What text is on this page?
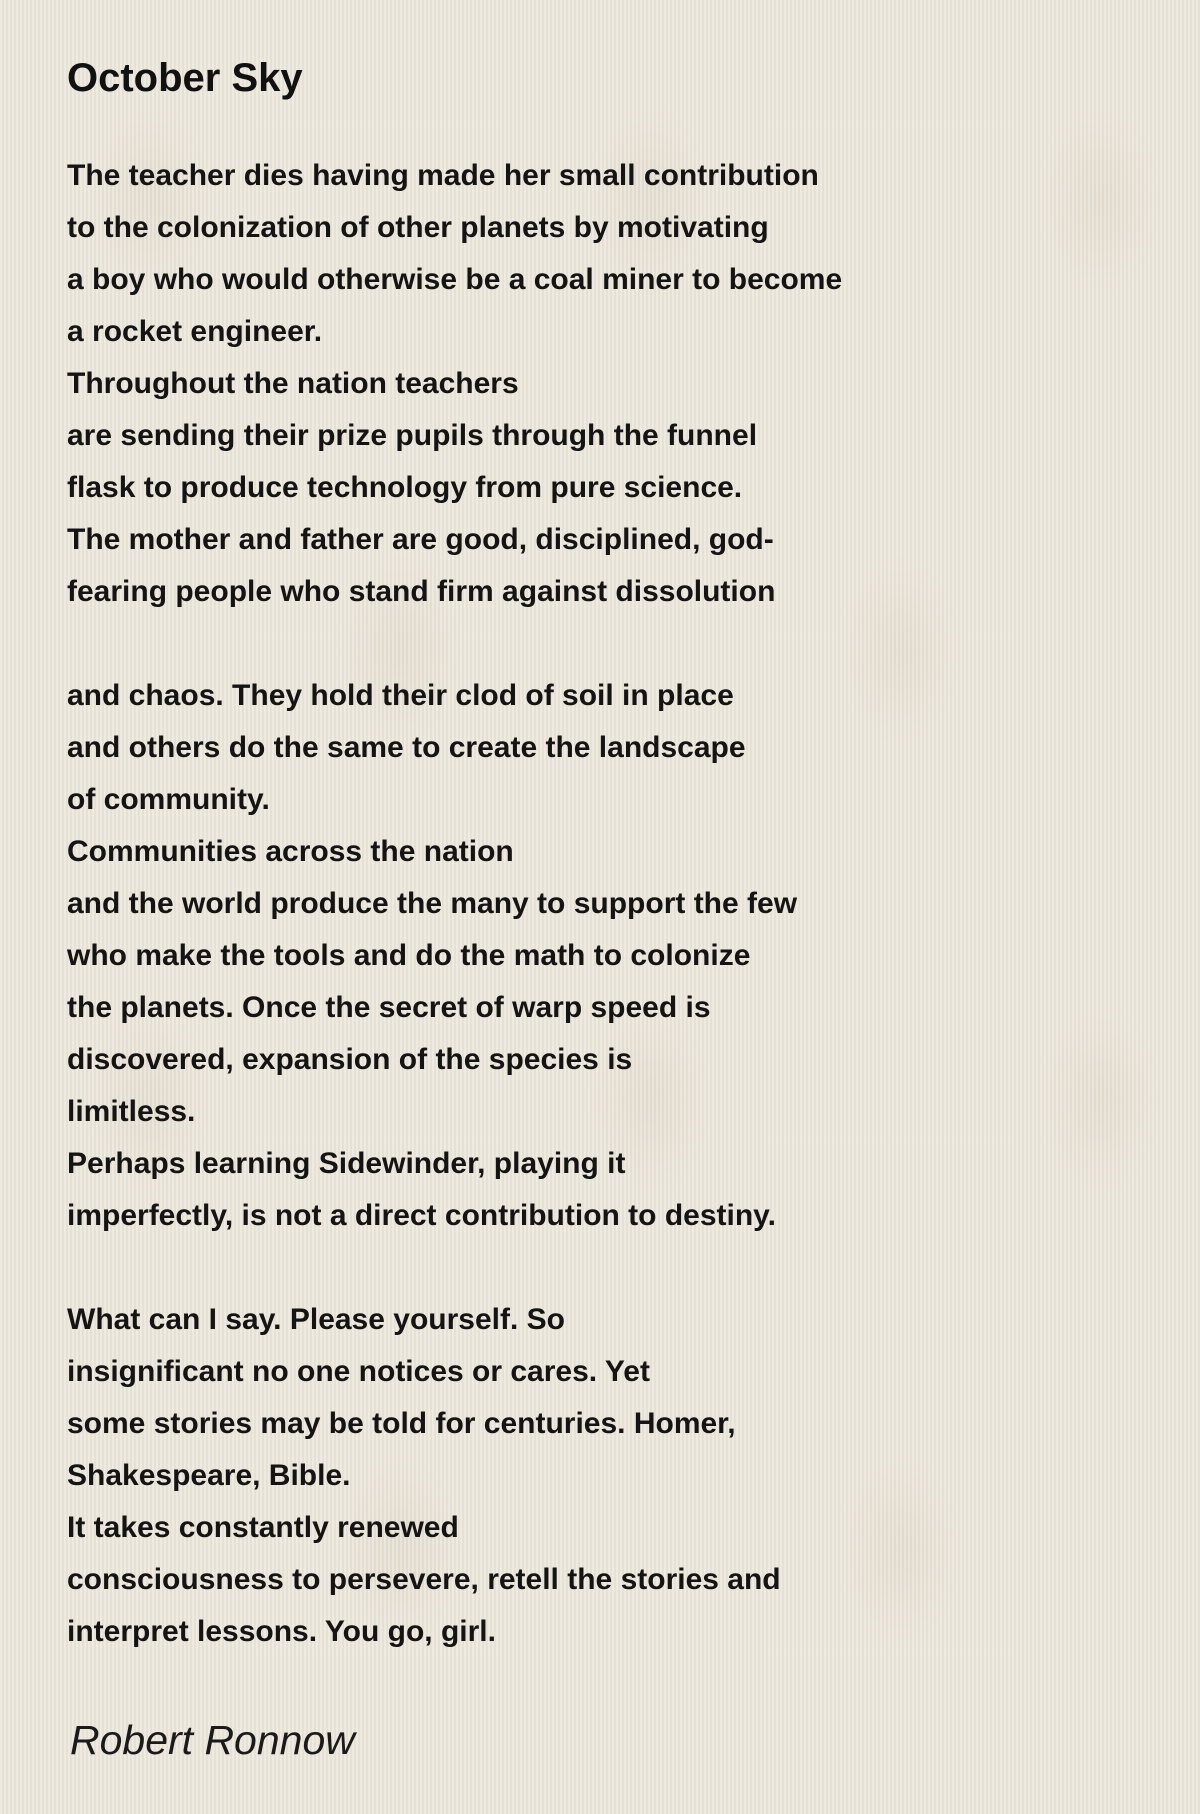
October Sky
The teacher dies having made her small contribution
to the colonization of other planets by motivating
a boy who would otherwise be a coal miner to become
a rocket engineer.
Throughout the nation teachers
are sending their prize pupils through the funnel
flask to produce technology from pure science.
The mother and father are good, disciplined, god-
fearing people who stand firm against dissolution
and chaos. They hold their clod of soil in place
and others do the same to create the landscape
of community.
Communities across the nation
and the world produce the many to support the few
who make the tools and do the math to colonize
the planets. Once the secret of warp speed is
discovered, expansion of the species is
limitless.
Perhaps learning Sidewinder, playing it
imperfectly, is not a direct contribution to destiny.
What can I say. Please yourself. So
insignificant no one notices or cares. Yet
some stories may be told for centuries. Homer,
Shakespeare, Bible.
It takes constantly renewed
consciousness to persevere, retell the stories and
interpret lessons. You go, girl.

Robert Ronnow
